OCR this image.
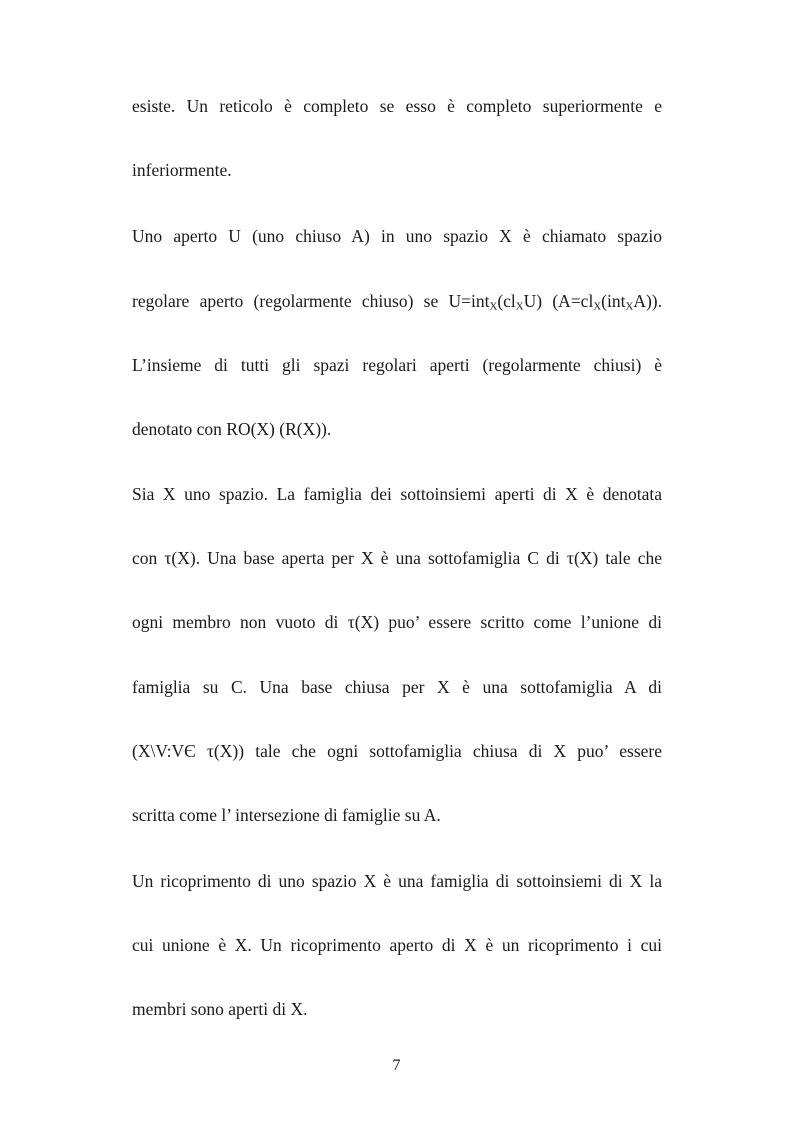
esiste. Un reticolo è completo se esso è completo superiormente e
inferiormente.
Uno aperto U (uno chiuso A) in uno spazio X è chiamato spazio
regolare aperto (regolarmente chiuso) se $U=int_X(cl_XU)$ $(A=cl_X(int_XA))$.
L’insieme di tutti gli spazi regolari aperti (regolarmente chiusi) è
denotato con RO(X) (R(X)).
Sia X uno spazio. La famiglia dei sottoinsiemi aperti di X è denotata
con τ(X). Una base aperta per X è una sottofamiglia C di τ(X) tale che
ogni membro non vuoto di τ(X) puo’ essere scritto come l’unione di
famiglia su C. Una base chiusa per X è una sottofamiglia A di
(X\V:VЄ τ(X)) tale che ogni sottofamiglia chiusa di X puo’ essere
scritta come l’ intersezione di famiglie su A.
Un ricoprimento di uno spazio X è una famiglia di sottoinsiemi di X la
cui unione è X. Un ricoprimento aperto di X è un ricoprimento i cui
membri sono aperti di X.
7
